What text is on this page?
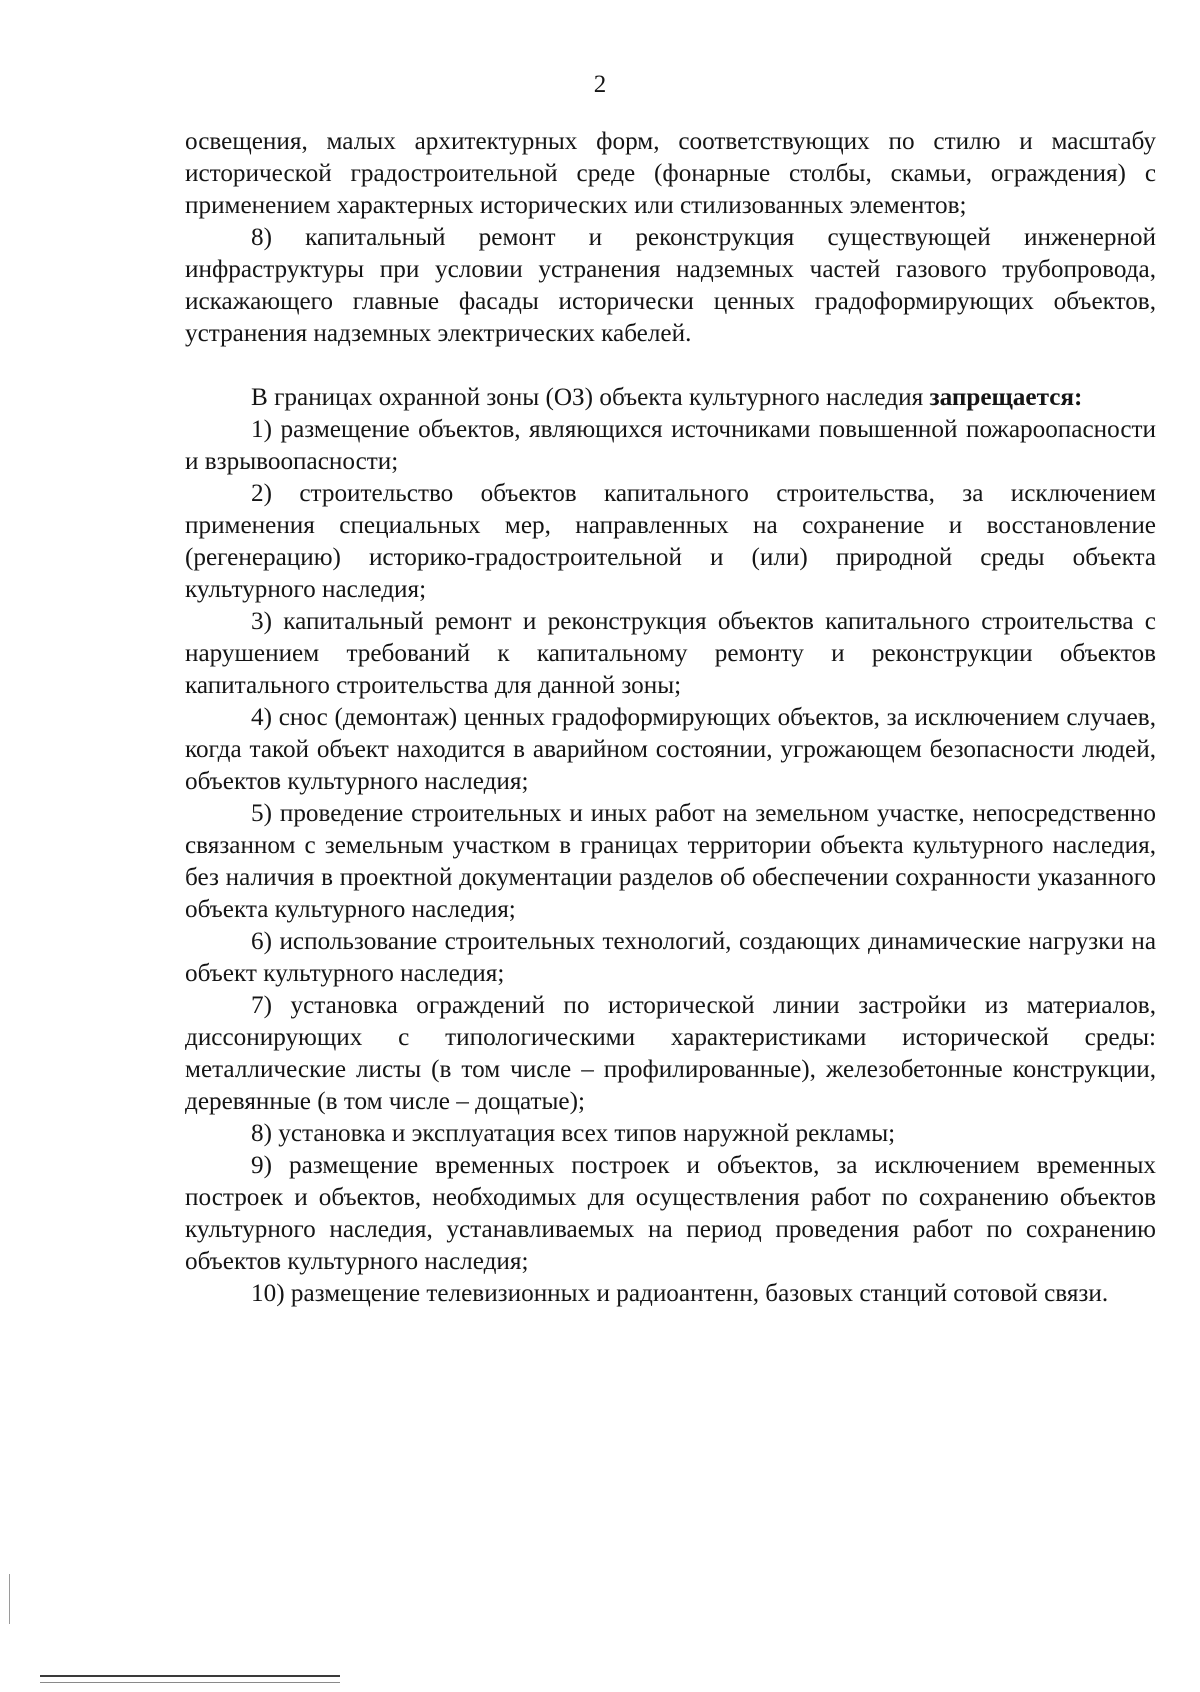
2

освещения, малых архитектурных форм, соответствующих по стилю и масштабу исторической градостроительной среде (фонарные столбы, скамьи, ограждения) с применением характерных исторических или стилизованных элементов;

8) капитальный ремонт и реконструкция существующей инженерной инфраструктуры при условии устранения надземных частей газового трубопровода, искажающего главные фасады исторически ценных градоформирующих объектов, устранения надземных электрических кабелей.

В границах охранной зоны (ОЗ) объекта культурного наследия запрещается:

1) размещение объектов, являющихся источниками повышенной пожароопасности и взрывоопасности;

2) строительство объектов капитального строительства, за исключением применения специальных мер, направленных на сохранение и восстановление (регенерацию) историко-градостроительной и (или) природной среды объекта культурного наследия;

3) капитальный ремонт и реконструкция объектов капитального строительства с нарушением требований к капитальному ремонту и реконструкции объектов капитального строительства для данной зоны;

4) снос (демонтаж) ценных градоформирующих объектов, за исключением случаев, когда такой объект находится в аварийном состоянии, угрожающем безопасности людей, объектов культурного наследия;

5) проведение строительных и иных работ на земельном участке, непосредственно связанном с земельным участком в границах территории объекта культурного наследия, без наличия в проектной документации разделов об обеспечении сохранности указанного объекта культурного наследия;

6) использование строительных технологий, создающих динамические нагрузки на объект культурного наследия;

7) установка ограждений по исторической линии застройки из материалов, диссонирующих с типологическими характеристиками исторической среды: металлические листы (в том числе – профилированные), железобетонные конструкции, деревянные (в том числе – дощатые);

8) установка и эксплуатация всех типов наружной рекламы;

9) размещение временных построек и объектов, за исключением временных построек и объектов, необходимых для осуществления работ по сохранению объектов культурного наследия, устанавливаемых на период проведения работ по сохранению объектов культурного наследия;

10) размещение телевизионных и радиоантенн, базовых станций сотовой связи.
